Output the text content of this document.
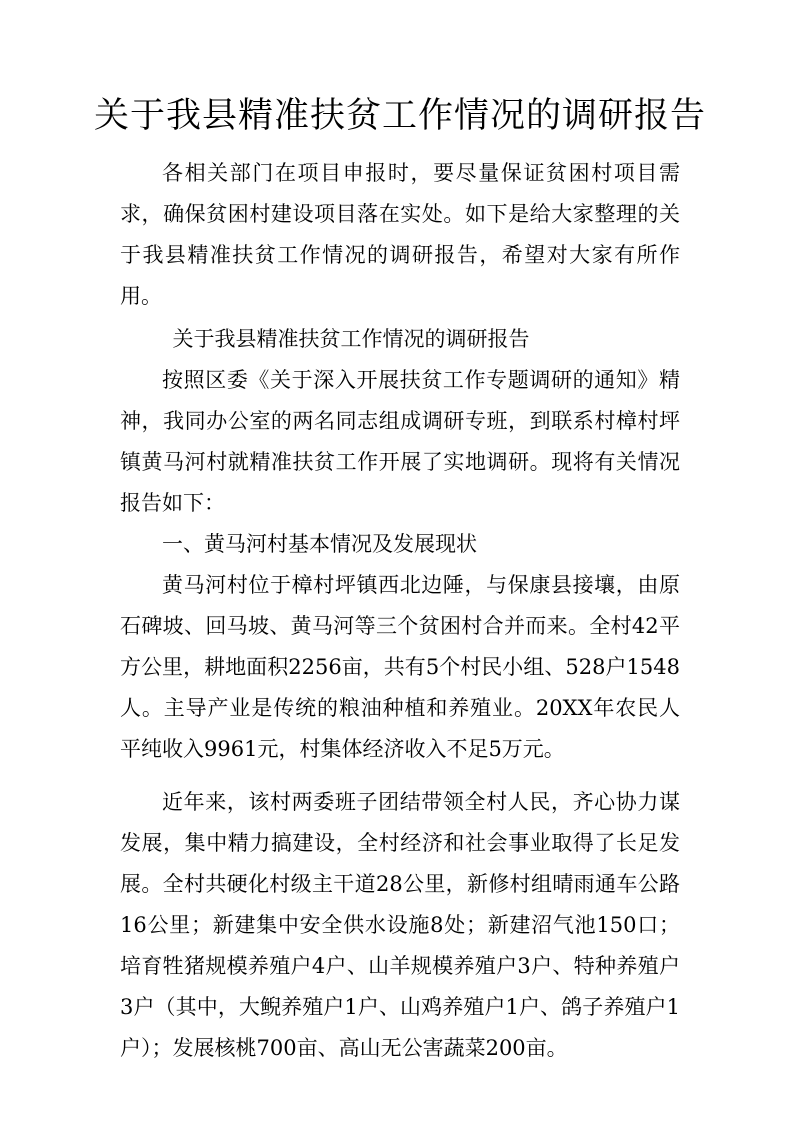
关于我县精准扶贫工作情况的调研报告

各相关部门在项目申报时，要尽量保证贫困村项目需求，确保贫困村建设项目落在实处。如下是给大家整理的关于我县精准扶贫工作情况的调研报告，希望对大家有所作用。

关于我县精准扶贫工作情况的调研报告

按照区委《关于深入开展扶贫工作专题调研的通知》精神，我同办公室的两名同志组成调研专班，到联系村樟村坪镇黄马河村就精准扶贫工作开展了实地调研。现将有关情况报告如下：

一、黄马河村基本情况及发展现状

黄马河村位于樟村坪镇西北边陲，与保康县接壤，由原石碑坡、回马坡、黄马河等三个贫困村合并而来。全村42平方公里，耕地面积2256亩，共有5个村民小组、528户1548人。主导产业是传统的粮油种植和养殖业。20XX年农民人平纯收入9961元，村集体经济收入不足5万元。

近年来，该村两委班子团结带领全村人民，齐心协力谋发展，集中精力搞建设，全村经济和社会事业取得了长足发展。全村共硬化村级主干道28公里，新修村组晴雨通车公路16公里；新建集中安全供水设施8处；新建沼气池150口；培育牲猪规模养殖户4户、山羊规模养殖户3户、特种养殖户3户（其中，大鲵养殖户1户、山鸡养殖户1户、鸽子养殖户1户）；发展核桃700亩、高山无公害蔬菜200亩。
